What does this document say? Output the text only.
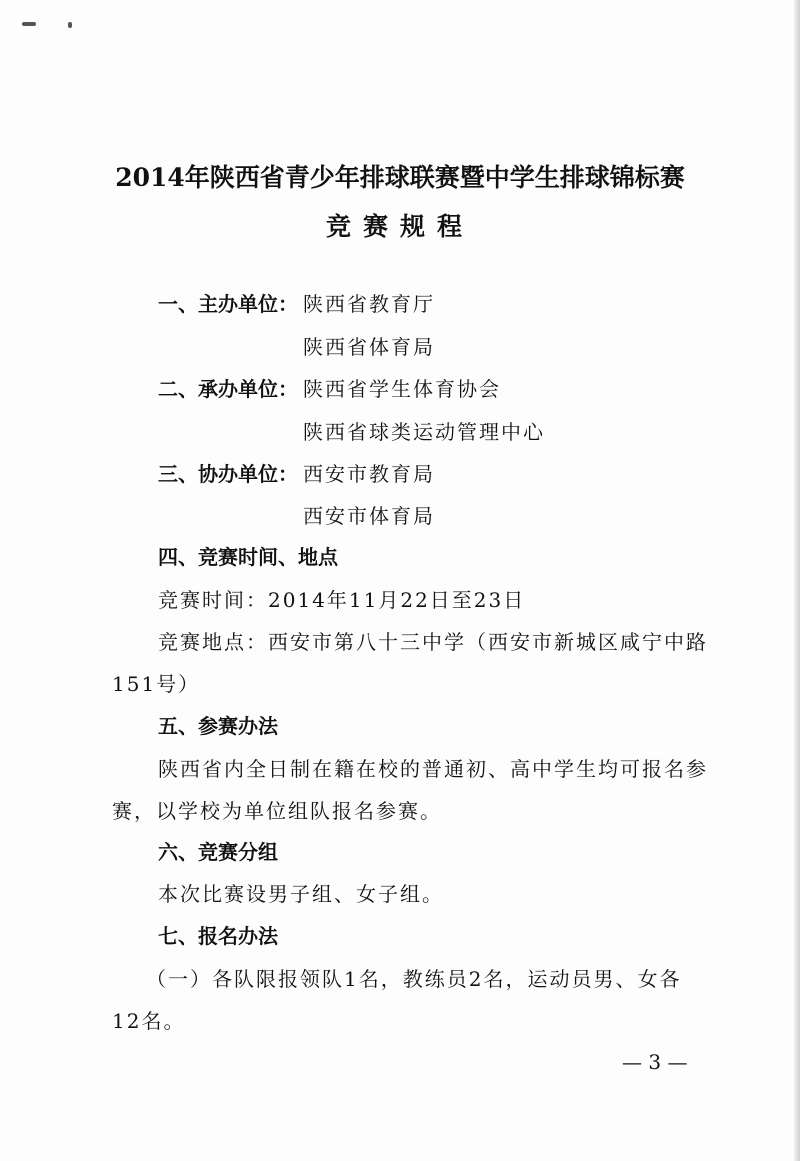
2014年陕西省青少年排球联赛暨中学生排球锦标赛
竞赛规程
一、主办单位： 陕西省教育厅
陕西省体育局
二、承办单位： 陕西省学生体育协会
陕西省球类运动管理中心
三、协办单位： 西安市教育局
西安市体育局
四、竞赛时间、地点
竞赛时间：2014年11月22日至23日
竞赛地点：西安市第八十三中学（西安市新城区咸宁中路
151号）
五、参赛办法
陕西省内全日制在籍在校的普通初、高中学生均可报名参
赛，以学校为单位组队报名参赛。
六、竞赛分组
本次比赛设男子组、女子组。
七、报名办法
（一）各队限报领队1名，教练员2名，运动员男、女各
12名。
— 3 —
